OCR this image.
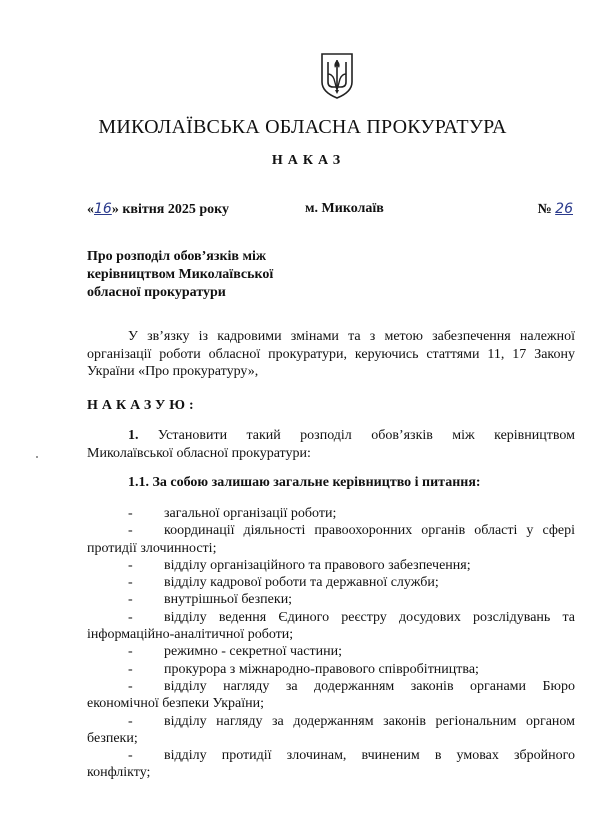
МИКОЛАЇВСЬКА ОБЛАСНА ПРОКУРАТУРА
НАКАЗ
«16» квітня 2025 року	м. Миколаїв	№ 26
Про розподіл обов’язків між
керівництвом Миколаївської
обласної прокуратури
У зв’язку із кадровими змінами та з метою забезпечення належної
організації роботи обласної прокуратури, керуючись статтями 11, 17 Закону
України «Про прокуратуру»,
НАКАЗУЮ:
1. Установити такий розподіл обов’язків між керівництвом
Миколаївської обласної прокуратури:
1.1. За собою залишаю загальне керівництво і питання:
- загальної організації роботи;
- координації діяльності правоохоронних органів області у сфері
протидії злочинності;
- відділу організаційного та правового забезпечення;
- відділу кадрової роботи та державної служби;
- внутрішньої безпеки;
- відділу ведення Єдиного реєстру досудових розслідувань та
інформаційно-аналітичної роботи;
- режимно - секретної частини;
- прокурора з міжнародно-правового співробітництва;
- відділу нагляду за додержанням законів органами Бюро
економічної безпеки України;
- відділу нагляду за додержанням законів регіональним органом
безпеки;
- відділу протидії злочинам, вчиненим в умовах збройного
конфлікту;
